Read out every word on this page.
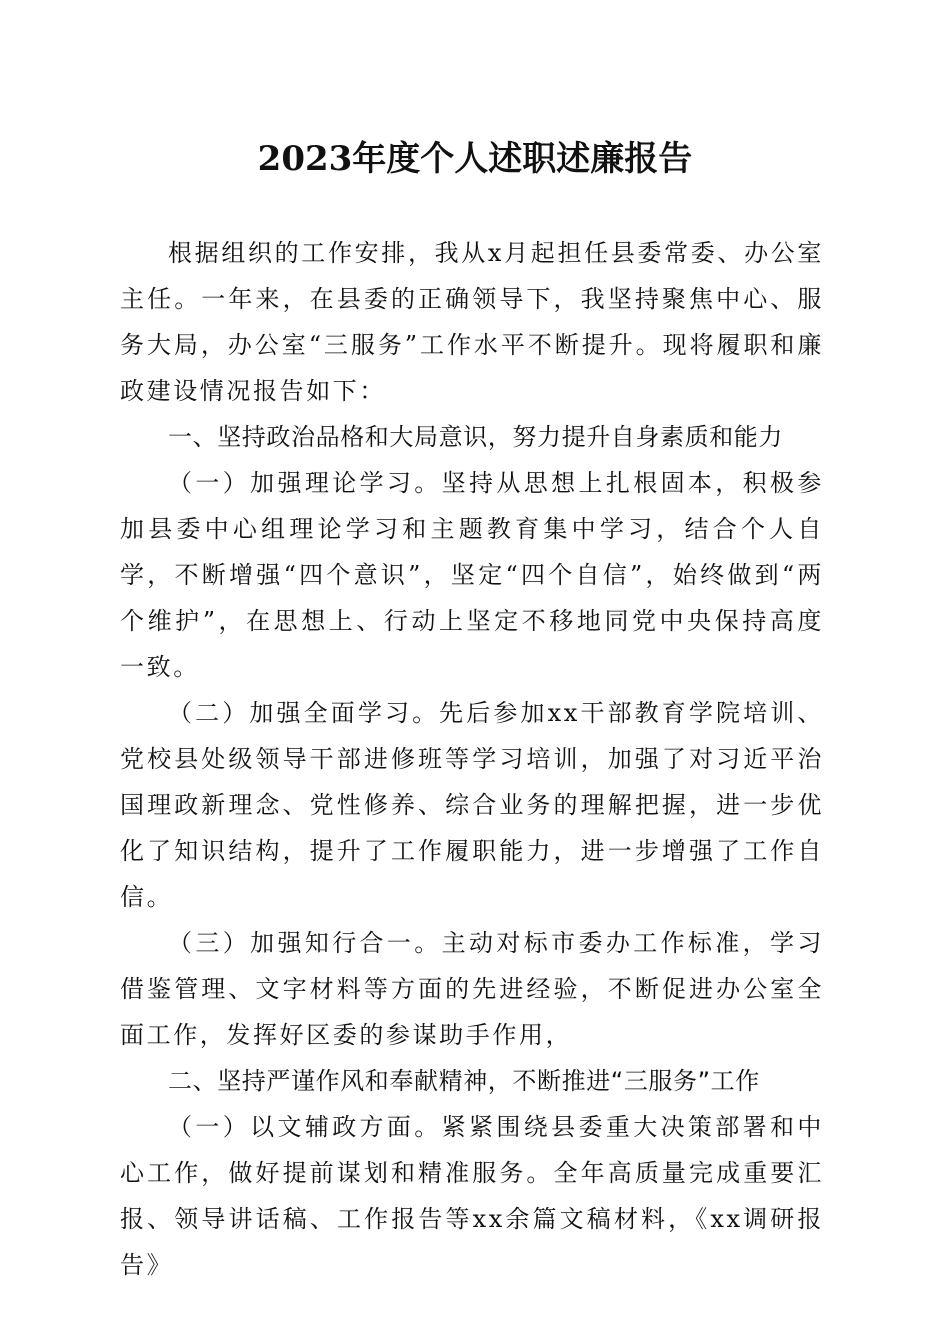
2023年度个人述职述廉报告

根据组织的工作安排，我从x月起担任县委常委、办公室主任。一年来，在县委的正确领导下，我坚持聚焦中心、服务大局，办公室“三服务”工作水平不断提升。现将履职和廉政建设情况报告如下：

一、坚持政治品格和大局意识，努力提升自身素质和能力

（一）加强理论学习。坚持从思想上扎根固本，积极参加县委中心组理论学习和主题教育集中学习，结合个人自学，不断增强“四个意识”，坚定“四个自信”，始终做到“两个维护”，在思想上、行动上坚定不移地同党中央保持高度一致。

（二）加强全面学习。先后参加xx干部教育学院培训、党校县处级领导干部进修班等学习培训，加强了对习近平治国理政新理念、党性修养、综合业务的理解把握，进一步优化了知识结构，提升了工作履职能力，进一步增强了工作自信。

（三）加强知行合一。主动对标市委办工作标准，学习借鉴管理、文字材料等方面的先进经验，不断促进办公室全面工作，发挥好区委的参谋助手作用，

二、坚持严谨作风和奉献精神，不断推进“三服务”工作

（一）以文辅政方面。紧紧围绕县委重大决策部署和中心工作，做好提前谋划和精准服务。全年高质量完成重要汇报、领导讲话稿、工作报告等xx余篇文稿材料，《xx调研报告》
